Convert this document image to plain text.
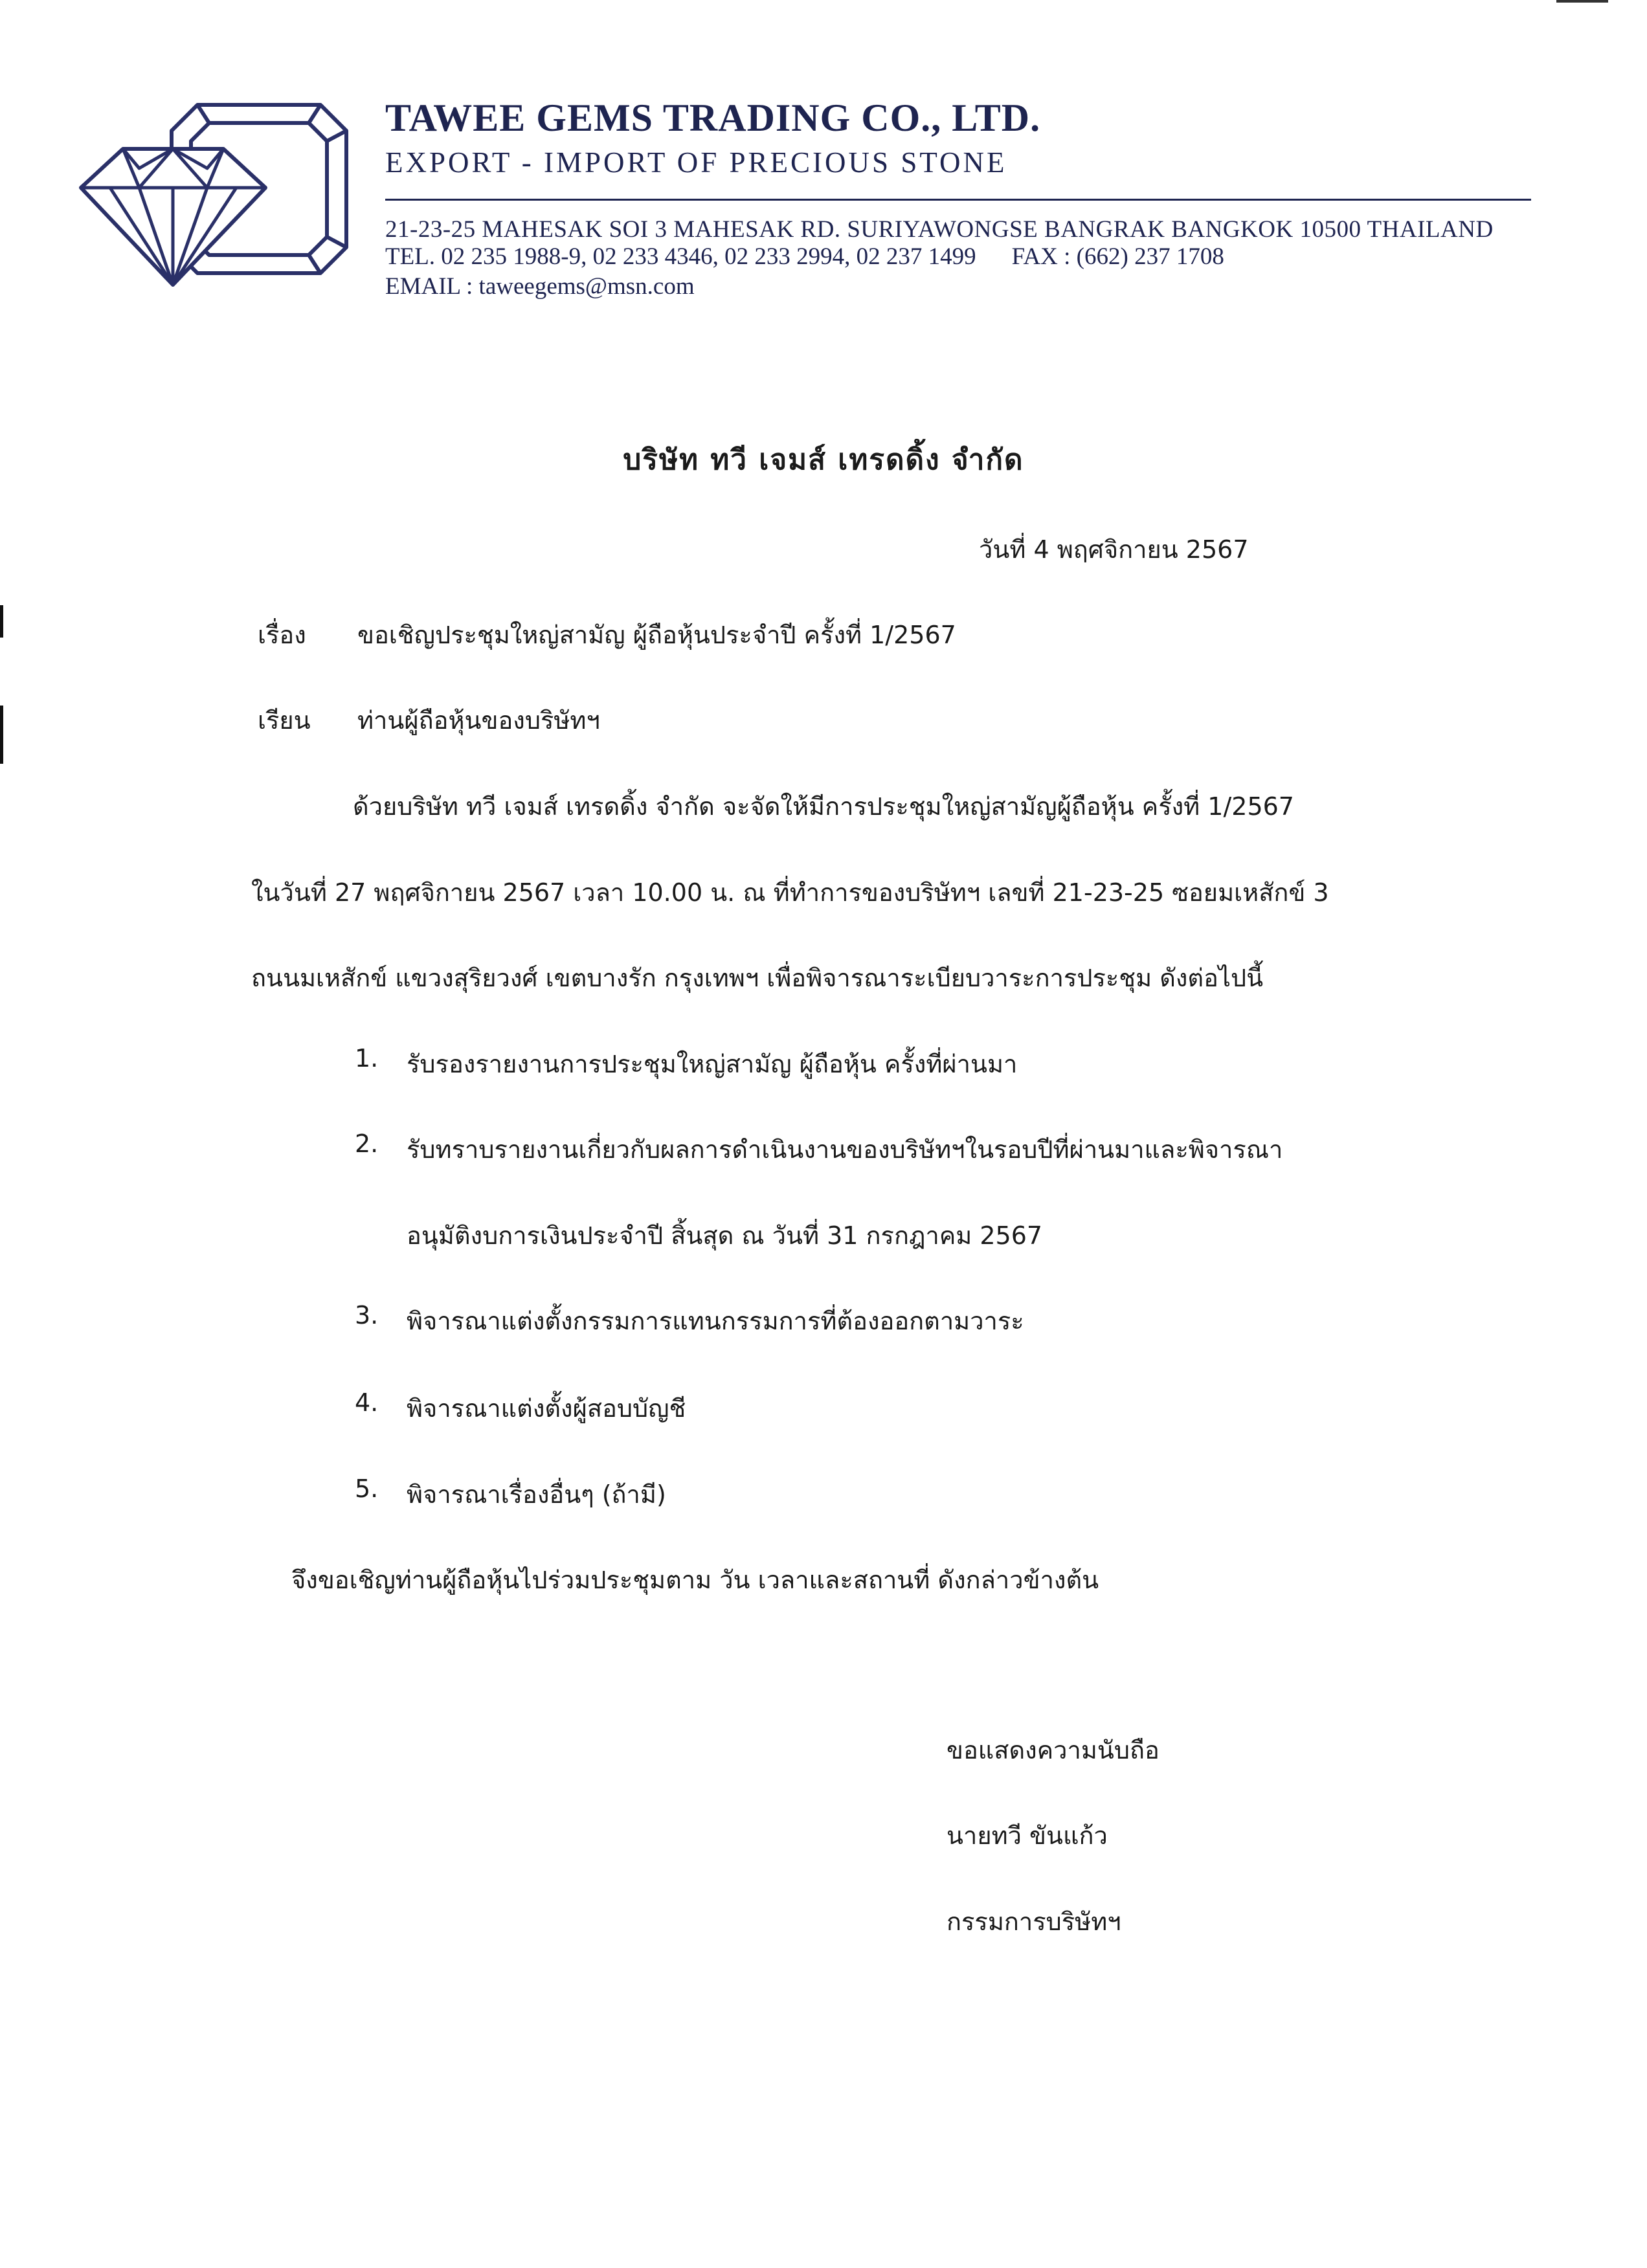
TAWEE GEMS TRADING CO., LTD.
EXPORT - IMPORT OF PRECIOUS STONE
21-23-25 MAHESAK SOI 3 MAHESAK RD. SURIYAWONGSE BANGRAK BANGKOK 10500 THAILAND
TEL. 02 235 1988-9, 02 233 4346, 02 233 2994, 02 237 1499 FAX : (662) 237 1708
EMAIL : taweegems@msn.com
บริษัท ทวี เจมส์ เทรดดิ้ง จำกัด
วันที่ 4 พฤศจิกายน 2567
เรื่อง ขอเชิญประชุมใหญ่สามัญ ผู้ถือหุ้นประจำปี ครั้งที่ 1/2567
เรียน ท่านผู้ถือหุ้นของบริษัทฯ
ด้วยบริษัท ทวี เจมส์ เทรดดิ้ง จำกัด จะจัดให้มีการประชุมใหญ่สามัญผู้ถือหุ้น ครั้งที่ 1/2567
ในวันที่ 27 พฤศจิกายน 2567 เวลา 10.00 น. ณ ที่ทำการของบริษัทฯ เลขที่ 21-23-25 ซอยมเหสักข์ 3
ถนนมเหสักข์ แขวงสุริยวงศ์ เขตบางรัก กรุงเทพฯ เพื่อพิจารณาระเบียบวาระการประชุม ดังต่อไปนี้
1. รับรองรายงานการประชุมใหญ่สามัญ ผู้ถือหุ้น ครั้งที่ผ่านมา
2. รับทราบรายงานเกี่ยวกับผลการดำเนินงานของบริษัทฯในรอบปีที่ผ่านมาและพิจารณา
อนุมัติงบการเงินประจำปี สิ้นสุด ณ วันที่ 31 กรกฎาคม 2567
3. พิจารณาแต่งตั้งกรรมการแทนกรรมการที่ต้องออกตามวาระ
4. พิจารณาแต่งตั้งผู้สอบบัญชี
5. พิจารณาเรื่องอื่นๆ (ถ้ามี)
จึงขอเชิญท่านผู้ถือหุ้นไปร่วมประชุมตาม วัน เวลาและสถานที่ ดังกล่าวข้างต้น
ขอแสดงความนับถือ
นายทวี ขันแก้ว
กรรมการบริษัทฯ
